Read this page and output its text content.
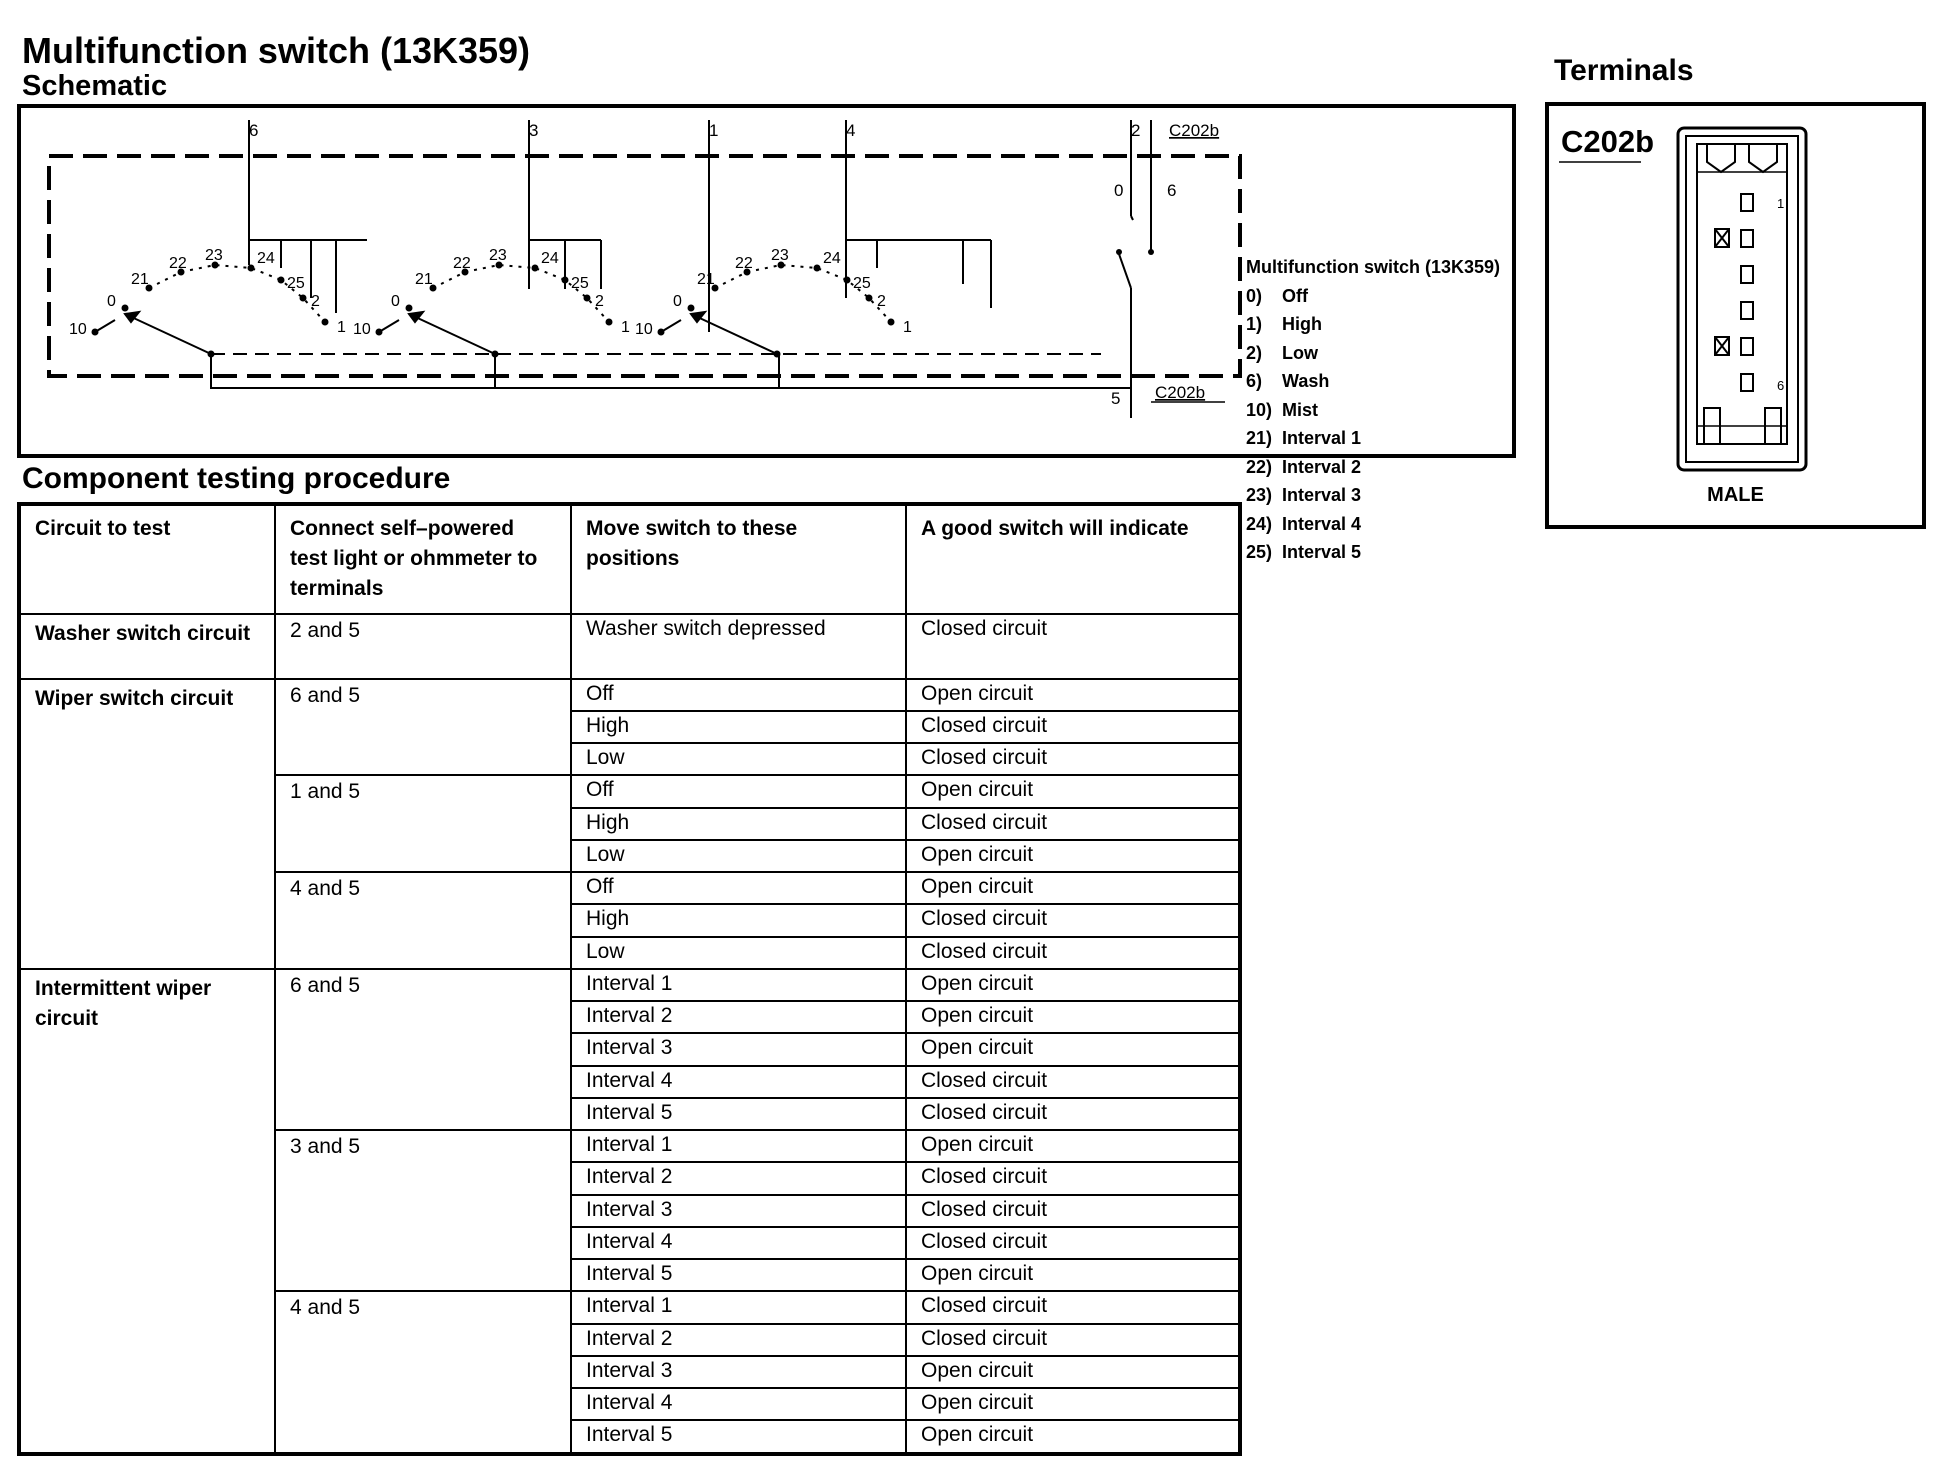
Multifunction switch (13K359)
Schematic	Terminals
6	3	1	4	2 C202b
5 C202b
10
0
21
22 23 24
25
2
1 10
0
21
22 23 24
25
2
1 10
0
21
22 23 24
25
2
1
0	6
Multifunction switch (13K359)
0)	Off
1)	High
2)	Low
6)	Wash
10) Mist
21) Interval 1
22) Interval 2
23) Interval 3
24) Interval 4
25) Interval 5
C202b
1
6
MALE
Component testing procedure
Circuit to test	Connect self–powered test light or ohmmeter to terminals	Move switch to these positions	A good switch will indicate
Washer switch circuit	2 and 5	Washer switch depressed	Closed circuit
Wiper switch circuit	6 and 5	Off	Open circuit
		High	Closed circuit
		Low	Closed circuit
	1 and 5	Off	Open circuit
		High	Closed circuit
		Low	Open circuit
	4 and 5	Off	Open circuit
		High	Closed circuit
		Low	Closed circuit
Intermittent wiper circuit	6 and 5	Interval 1	Open circuit
		Interval 2	Open circuit
		Interval 3	Open circuit
		Interval 4	Closed circuit
		Interval 5	Closed circuit
	3 and 5	Interval 1	Open circuit
		Interval 2	Closed circuit
		Interval 3	Closed circuit
		Interval 4	Closed circuit
		Interval 5	Open circuit
	4 and 5	Interval 1	Closed circuit
		Interval 2	Closed circuit
		Interval 3	Open circuit
		Interval 4	Open circuit
		Interval 5	Open circuit
